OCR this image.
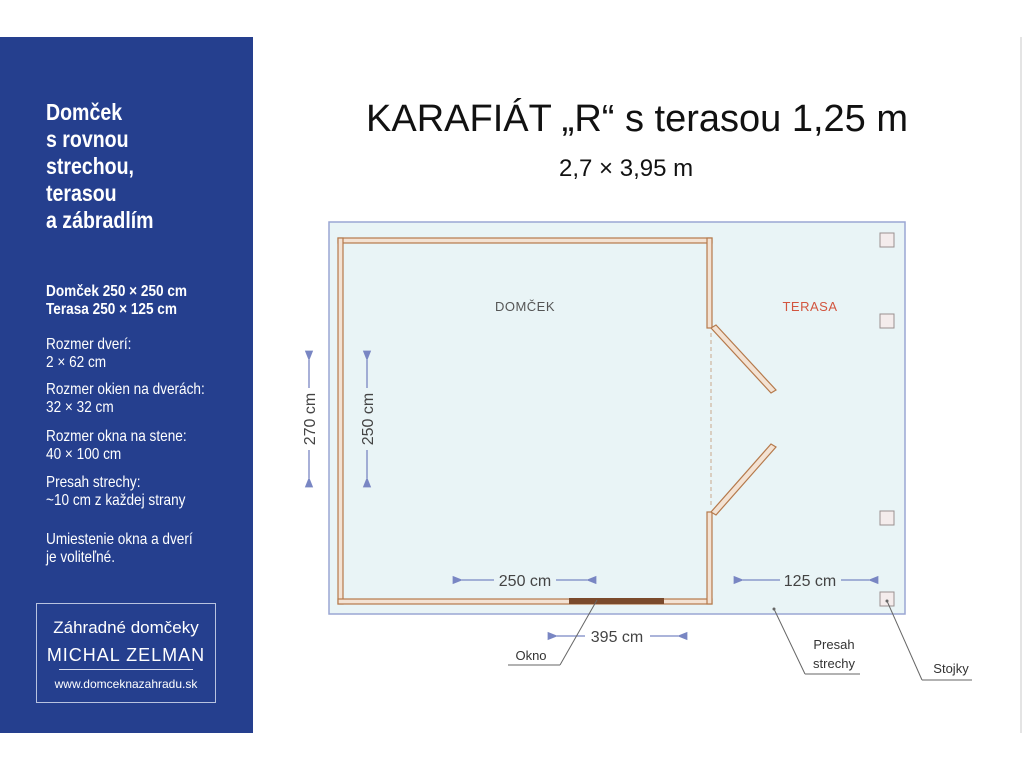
Domček
s rovnou
strechou,
terasou
a zábradlím
Domček 250 × 250 cm
Terasa 250 × 125 cm
Rozmer dverí:
2 × 62 cm
Rozmer okien na dverách:
32 × 32 cm
Rozmer okna na stene:
40 × 100 cm
Presah strechy:
~10 cm z každej strany
Umiestenie okna a dverí
je voliteľné.
Záhradné domčeky
MICHAL ZELMAN
www.domceknazahradu.sk
KARAFIÁT „R“ s terasou 1,25 m
2,7 × 3,95 m
DOMČEK	TERASA
250 cm	125 cm
395 cm
270 cm	250 cm
Okno
Presah
strechy	Stojky
